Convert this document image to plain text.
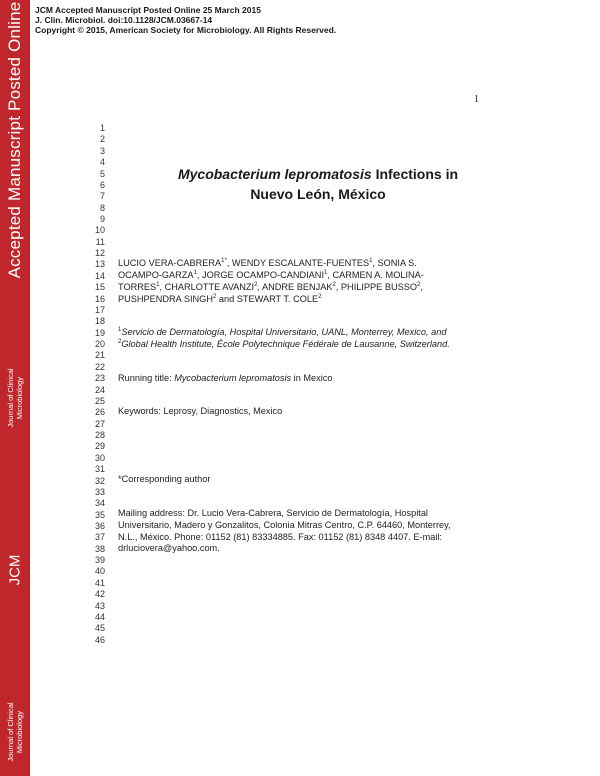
Accepted Manuscript Posted Online
Journal of Clinical Microbiology
JCM
Journal of Clinical Microbiology
JCM Accepted Manuscript Posted Online 25 March 2015
J. Clin. Microbiol. doi:10.1128/JCM.03667-14
Copyright © 2015, American Society for Microbiology. All Rights Reserved.
1
1
2
3
4
5
6
7
8
9
10
11
12
13
14
15
16
17
18
19
20
21
22
23
24
25
26
27
28
29
30
31
32
33
34
35
36
37
38
39
40
41
42
43
44
45
46
Mycobacterium lepromatosis Infections in
Nuevo León, México
LUCIO VERA-$CABRERA^{1*}$, WENDY ESCALANTE-FUENTES$^1$, SONIA S.
OCAMPO-GARZA$^1$, JORGE OCAMPO-CANDIANI$^1$, CARMEN A. MOLINA-
TORRES$^1$, CHARLOTTE AVANZI$^2$, ANDRE BENJAK$^2$, PHILIPPE BUSSO$^2$,
PUSHPENDRA SINGH$^2$ and STEWART T. COLE$^2$
$^1$Servicio de Dermatología, Hospital Universitario, UANL, Monterrey, Mexico, and
$^2$Global Health Institute, École Polytechnique Fédérale de Lausanne, Switzerland.
Running title: Mycobacterium lepromatosis in Mexico
Keywords: Leprosy, Diagnostics, Mexico
*Corresponding author
Mailing address: Dr. Lucio Vera-Cabrera, Servicio de Dermatología, Hospital
Universitario, Madero y Gonzalitos, Colonia Mitras Centro, C.P. 64460, Monterrey,
N.L., México. Phone: 01152 (81) 83334885. Fax: 01152 (81) 8348 4407. E-mail:
drluciovera@yahoo.com.
